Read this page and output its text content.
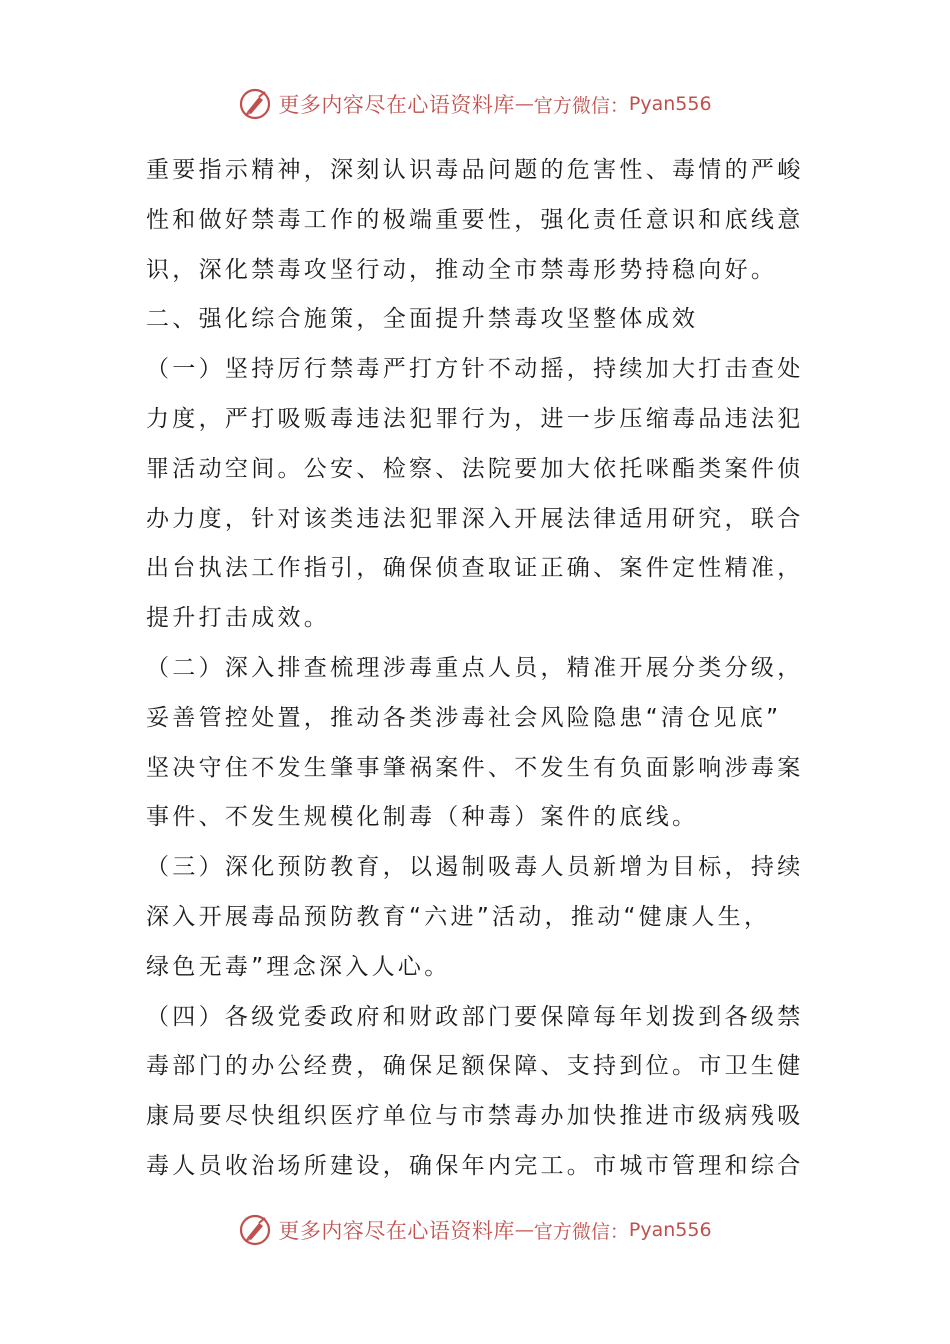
更多内容尽在心语资料库 — 官方微信： Pyan556

重要指示精神，深刻认识毒品问题的危害性、毒情的严峻

性和做好禁毒工作的极端重要性，强化责任意识和底线意

识，深化禁毒攻坚行动，推动全市禁毒形势持稳向好。

二、强化综合施策，全面提升禁毒攻坚整体成效

（一）坚持厉行禁毒严打方针不动摇，持续加大打击查处

力度，严打吸贩毒违法犯罪行为，进一步压缩毒品违法犯

罪活动空间。公安、检察、法院要加大依托咪酯类案件侦

办力度，针对该类违法犯罪深入开展法律适用研究，联合

出台执法工作指引，确保侦查取证正确、案件定性精准，

提升打击成效。

（二）深入排查梳理涉毒重点人员，精准开展分类分级，

妥善管控处置，推动各类涉毒社会风险隐患“清仓见底”

坚决守住不发生肇事肇祸案件、不发生有负面影响涉毒案

事件、不发生规模化制毒（种毒）案件的底线。

（三）深化预防教育，以遏制吸毒人员新增为目标，持续

深入开展毒品预防教育“六进”活动，推动“健康人生，

绿色无毒”理念深入人心。

（四）各级党委政府和财政部门要保障每年划拨到各级禁

毒部门的办公经费，确保足额保障、支持到位。市卫生健

康局要尽快组织医疗单位与市禁毒办加快推进市级病残吸

毒人员收治场所建设，确保年内完工。市城市管理和综合

更多内容尽在心语资料库 — 官方微信： Pyan556
